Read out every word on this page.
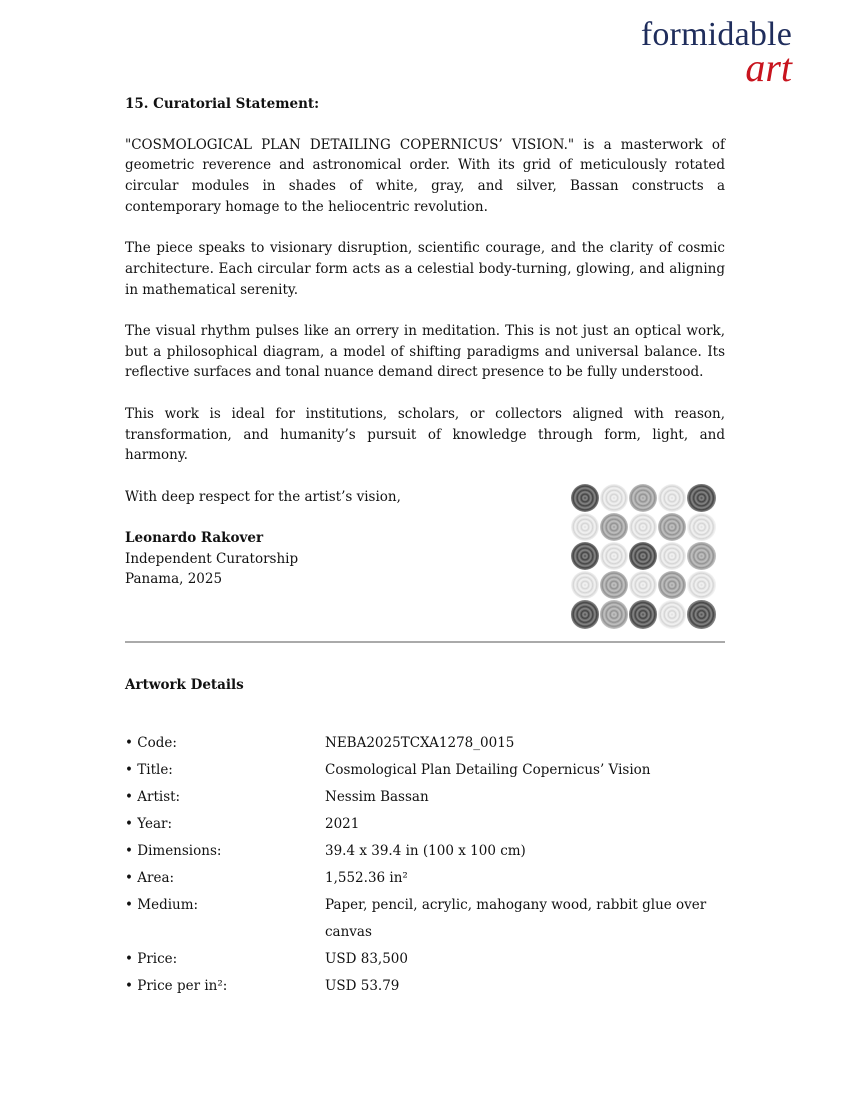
formidable
art
15. Curatorial Statement:

"COSMOLOGICAL PLAN DETAILING COPERNICUS’ VISION." is a masterwork of geometric reverence and astronomical order. With its grid of meticulously rotated circular modules in shades of white, gray, and silver, Bassan constructs a contemporary homage to the heliocentric revolution.

The piece speaks to visionary disruption, scientific courage, and the clarity of cosmic architecture. Each circular form acts as a celestial body-turning, glowing, and aligning in mathematical serenity.

The visual rhythm pulses like an orrery in meditation. This is not just an optical work, but a philosophical diagram, a model of shifting paradigms and universal balance. Its reflective surfaces and tonal nuance demand direct presence to be fully understood.

This work is ideal for institutions, scholars, or collectors aligned with reason, transformation, and humanity’s pursuit of knowledge through form, light, and harmony.

With deep respect for the artist’s vision,
Leonardo Rakover
Independent Curatorship
Panama, 2025
Artwork Details
• Code:	NEBA2025TCXA1278_0015
• Title:	Cosmological Plan Detailing Copernicus’ Vision
• Artist:	Nessim Bassan
• Year:	2021
• Dimensions:	39.4 x 39.4 in (100 x 100 cm)
• Area:	1,552.36 in²
• Medium:	Paper, pencil, acrylic, mahogany wood, rabbit glue over canvas
• Price:	USD 83,500
• Price per in²:	USD 53.79
